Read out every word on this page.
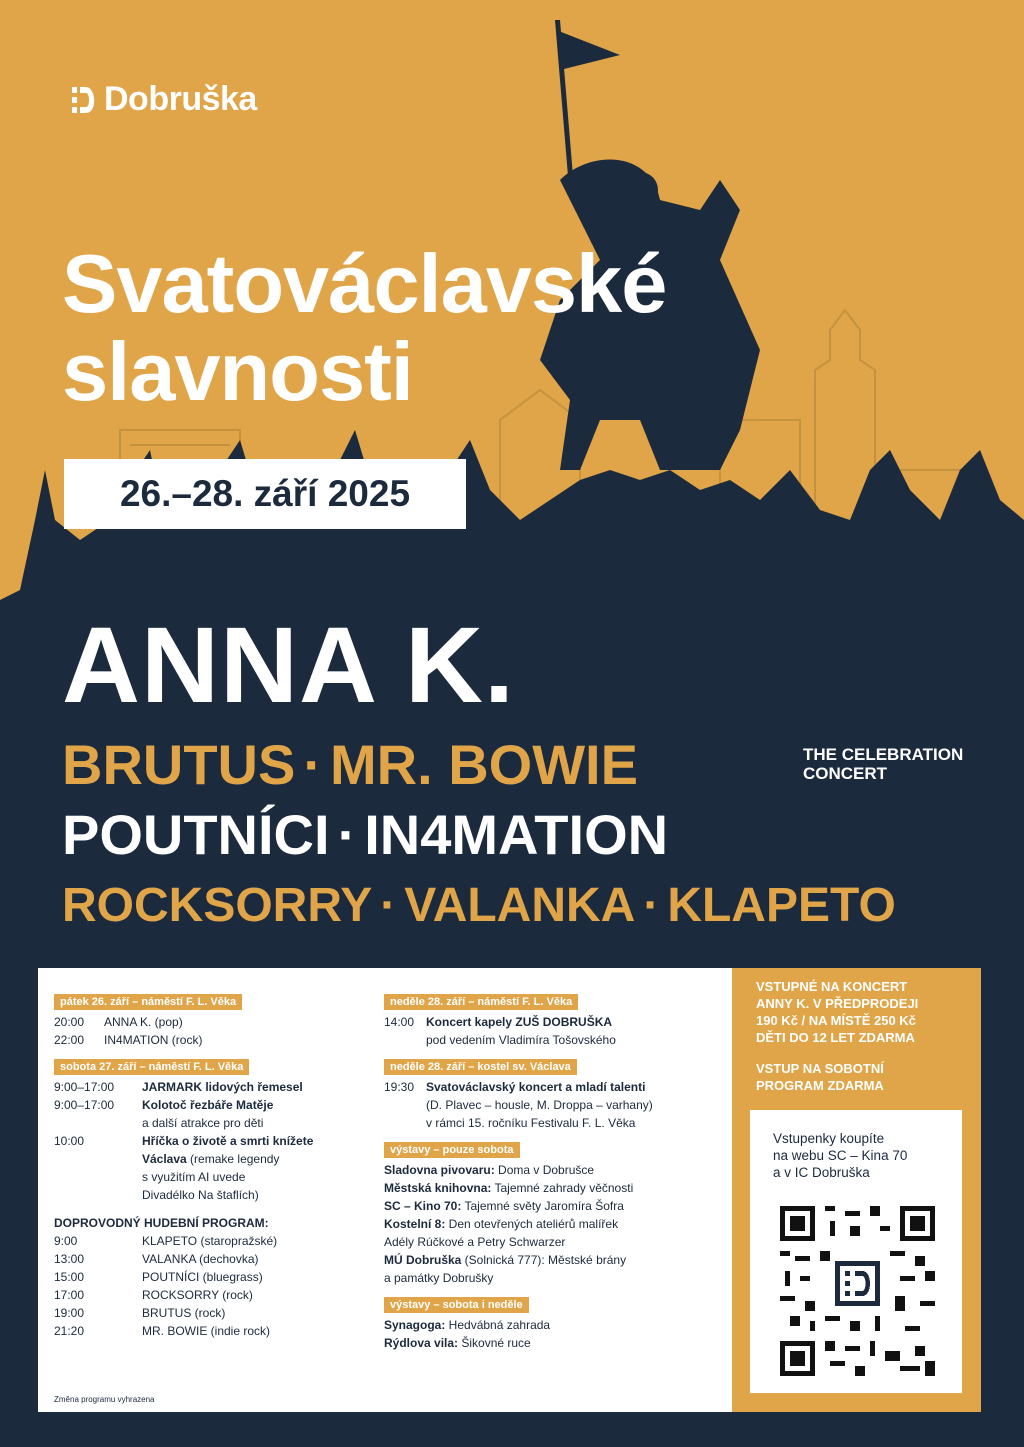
Dobruška
Svatováclavské
slavnosti
26.–28. září 2025
ANNA K.
BRUTUS · MR. BOWIE	THE CELEBRATION
CONCERT
POUTNÍCI · IN4MATION
ROCKSORRY · VALANKA · KLAPETO
pátek 26. září – náměstí F. L. Věka
20:00	ANNA K. (pop)
22:00	IN4MATION (rock)
sobota 27. září – náměstí F. L. Věka
9:00–17:00	JARMARK lidových řemesel
9:00–17:00	Kolotoč řezbáře Matěje
a další atrakce pro děti
10:00	Hříčka o životě a smrti knížete
Václava (remake legendy
s využitím AI uvede
Divadélko Na štaflích)
DOPROVODNÝ HUDEBNÍ PROGRAM:
9:00	KLAPETO (staropražské)
13:00	VALANKA (dechovka)
15:00	POUTNÍCI (bluegrass)
17:00	ROCKSORRY (rock)
19:00	BRUTUS (rock)
21:20	MR. BOWIE (indie rock)
Změna programu vyhrazena
neděle 28. září – náměstí F. L. Věka
14:00 Koncert kapely ZUŠ DOBRUŠKA
pod vedením Vladimíra Tošovského
neděle 28. září – kostel sv. Václava
19:30 Svatováclavský koncert a mladí talenti
(D. Plavec – housle, M. Droppa – varhany)
v rámci 15. ročníku Festivalu F. L. Věka
výstavy – pouze sobota
Sladovna pivovaru: Doma v Dobrušce
Městská knihovna: Tajemné zahrady věčnosti
SC – Kino 70: Tajemné světy Jaromíra Šofra
Kostelní 8: Den otevřených ateliérů malířek
Adély Rúčkové a Petry Schwarzer
MÚ Dobruška (Solnická 777): Městské brány
a památky Dobrušky
výstavy – sobota i neděle
Synagoga: Hedvábná zahrada
Rýdlova vila: Šikovné ruce
VSTUPNÉ NA KONCERT
ANNY K. V PŘEDPRODEJI
190 Kč / NA MÍSTĚ 250 Kč
DĚTI DO 12 LET ZDARMA
VSTUP NA SOBOTNÍ
PROGRAM ZDARMA
Vstupenky koupíte
na webu SC – Kina 70
a v IC Dobruška
